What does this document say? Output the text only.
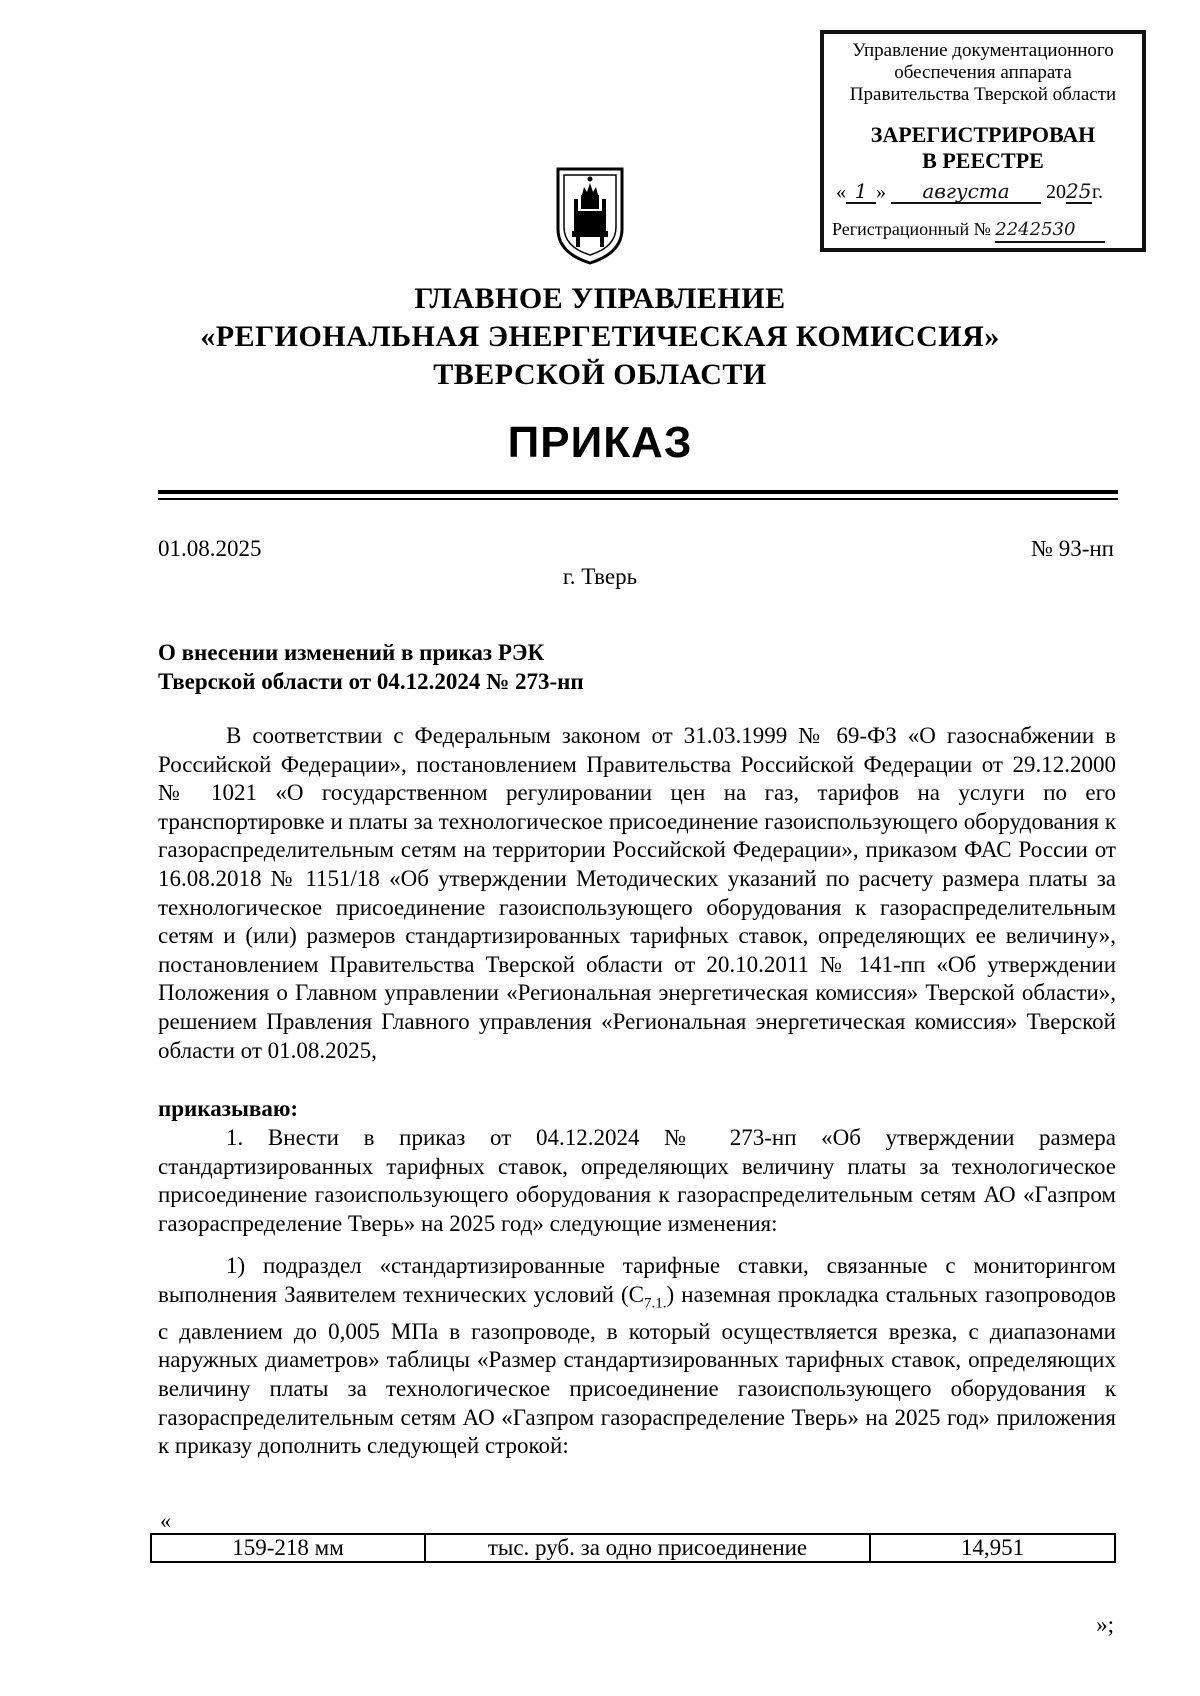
Управление документационного
обеспечения аппарата
Правительства Тверской области
ЗАРЕГИСТРИРОВАН
В РЕЕСТРЕ
« 1 » августа 2025г.
Регистрационный № 2242530
ГЛАВНОЕ УПРАВЛЕНИЕ
«РЕГИОНАЛЬНАЯ ЭНЕРГЕТИЧЕСКАЯ КОМИССИЯ»
ТВЕРСКОЙ ОБЛАСТИ
ПРИКАЗ
01.08.2025	№ 93-нп
г. Тверь
О внесении изменений в приказ РЭК
Тверской области от 04.12.2024 № 273-нп
В соответствии с Федеральным законом от 31.03.1999 № 69-ФЗ «О газоснабжении в Российской Федерации», постановлением Правительства Российской Федерации от 29.12.2000 № 1021 «О государственном регулировании цен на газ, тарифов на услуги по его транспортировке и платы за технологическое присоединение газоиспользующего оборудования к газораспределительным сетям на территории Российской Федерации», приказом ФАС России от 16.08.2018 № 1151/18 «Об утверждении Методических указаний по расчету размера платы за технологическое присоединение газоиспользующего оборудования к газораспределительным сетям и (или) размеров стандартизированных тарифных ставок, определяющих ее величину», постановлением Правительства Тверской области от 20.10.2011 № 141-пп «Об утверждении Положения о Главном управлении «Региональная энергетическая комиссия» Тверской области», решением Правления Главного управления «Региональная энергетическая комиссия» Тверской области от 01.08.2025,
приказываю:
1. Внести в приказ от 04.12.2024 № 273-нп «Об утверждении размера стандартизированных тарифных ставок, определяющих величину платы за технологическое присоединение газоиспользующего оборудования к газораспределительным сетям АО «Газпром газораспределение Тверь» на 2025 год» следующие изменения:
1) подраздел «стандартизированные тарифные ставки, связанные с мониторингом выполнения Заявителем технических условий $(С_{7.1.})$ наземная прокладка стальных газопроводов с давлением до 0,005 МПа в газопроводе, в который осуществляется врезка, с диапазонами наружных диаметров» таблицы «Размер стандартизированных тарифных ставок, определяющих величину платы за технологическое присоединение газоиспользующего оборудования к газораспределительным сетям АО «Газпром газораспределение Тверь» на 2025 год» приложения к приказу дополнить следующей строкой:
«
159-218 мм	тыс. руб. за одно присоединение	14,951
»;
